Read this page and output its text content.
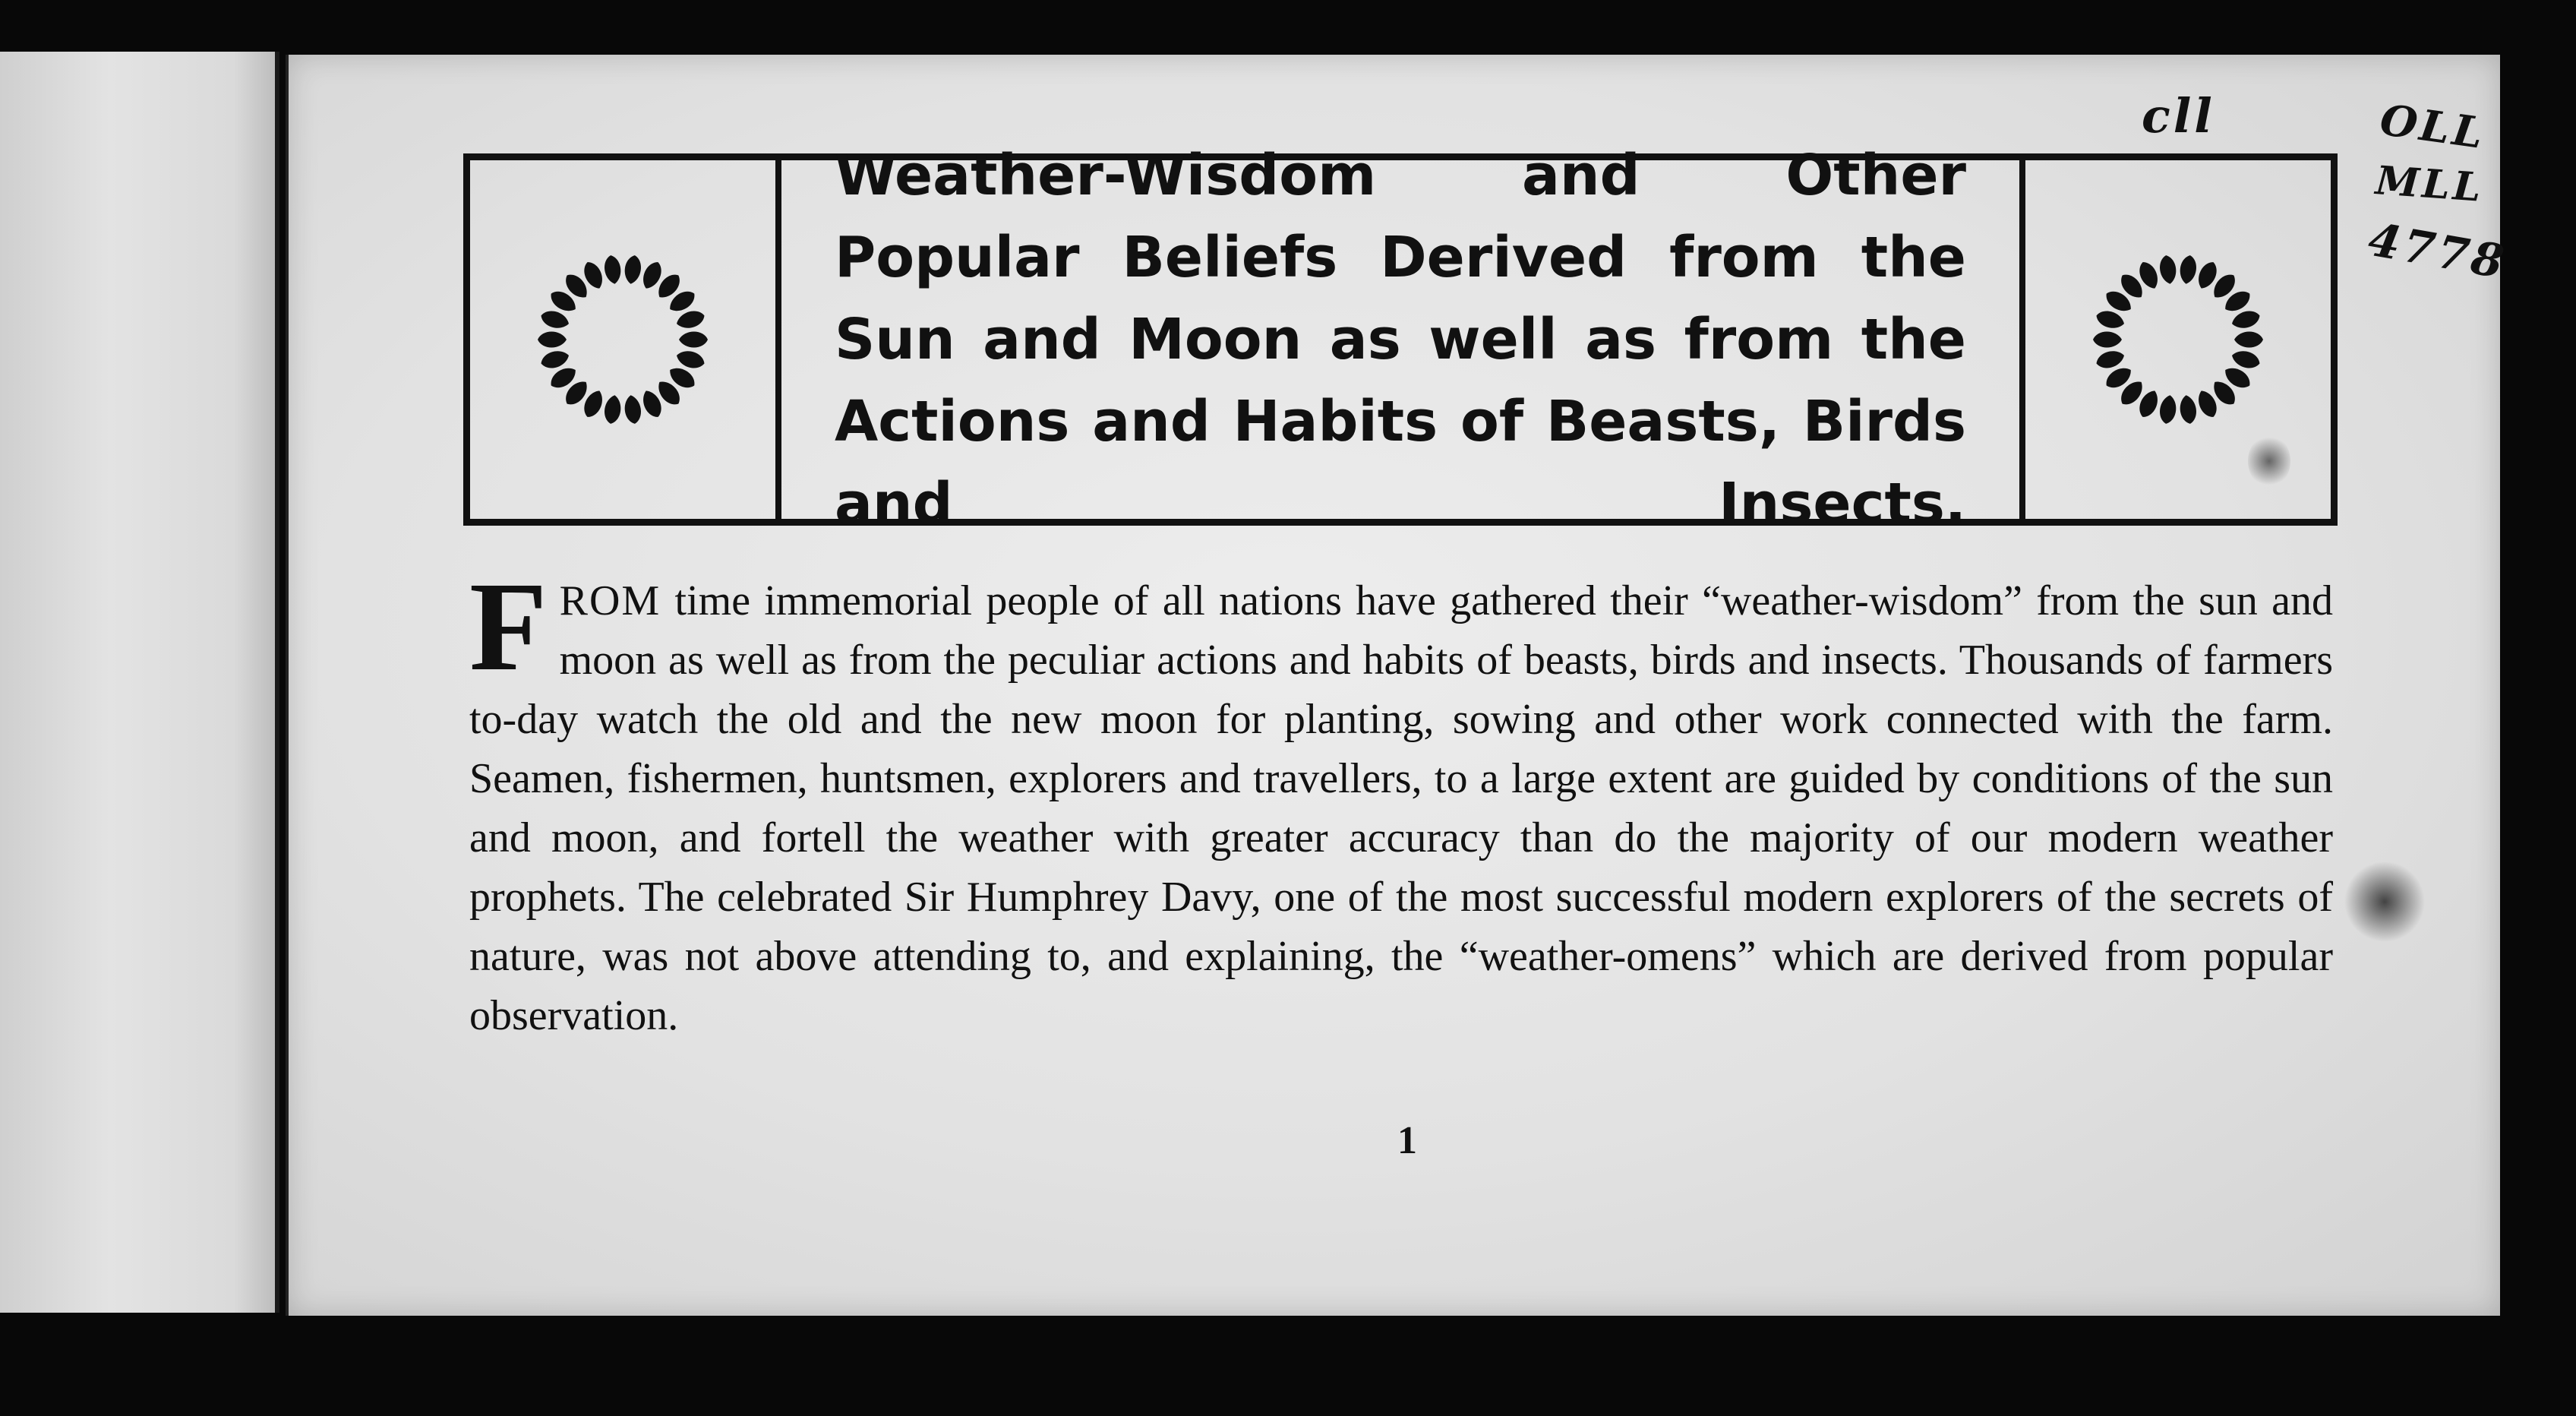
cll	OLL
MLL
4778

Weather-Wisdom and Other Popular Beliefs Derived from the Sun and Moon as well as from the Actions and Habits of Beasts, Birds and Insects.

FROM time immemorial people of all nations have gathered their “weather-wisdom” from the sun and moon as well as from the peculiar actions and habits of beasts, birds and insects. Thousands of farmers to-day watch the old and the new moon for planting, sowing and other work connected with the farm. Seamen, fishermen, huntsmen, explorers and travellers, to a large extent are guided by conditions of the sun and moon, and fortell the weather with greater accuracy than do the majority of our modern weather prophets. The celebrated Sir Humphrey Davy, one of the most successful modern explorers of the secrets of nature, was not above attending to, and explaining, the “weather-omens” which are derived from popular observation.

1
